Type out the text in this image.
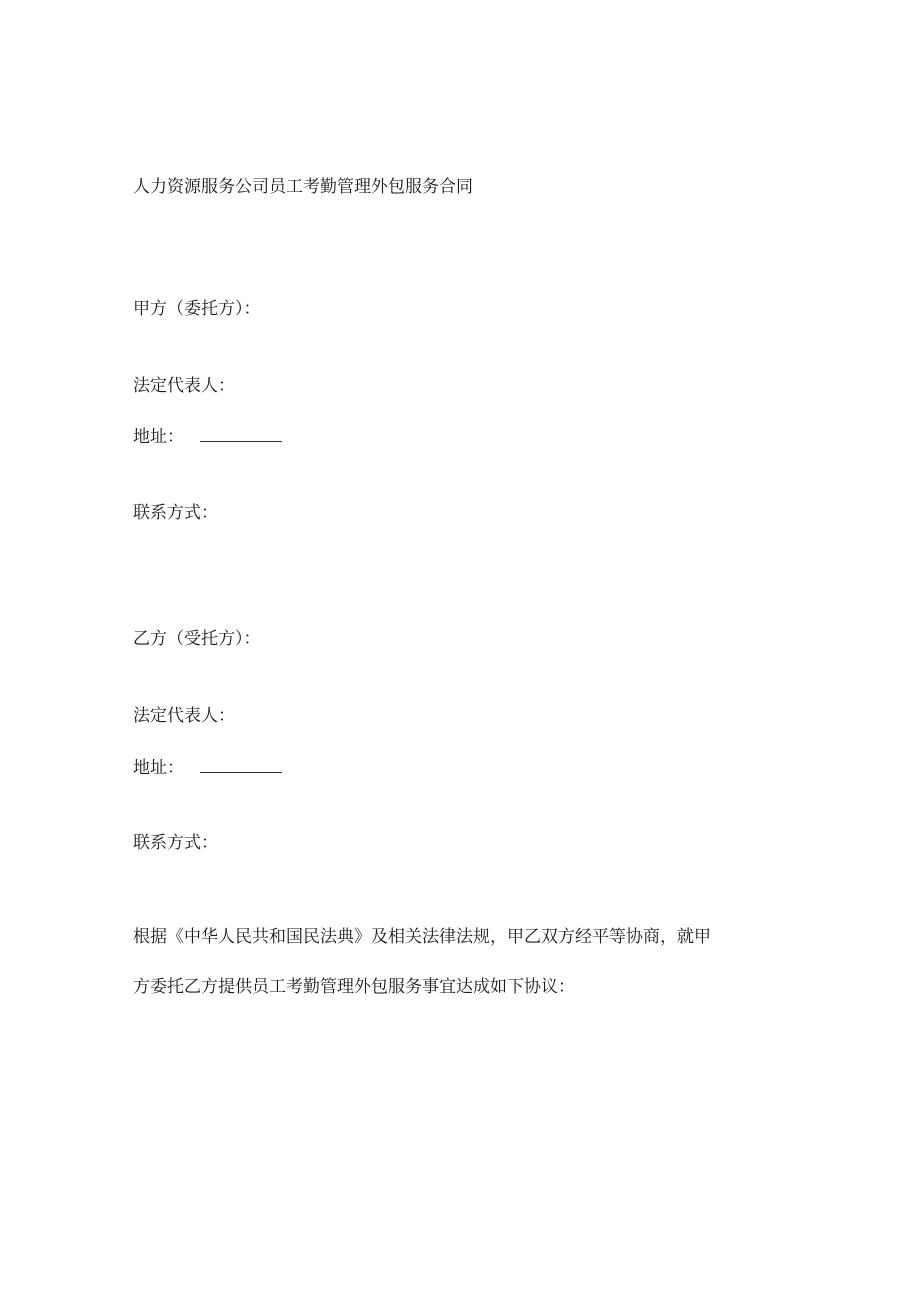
人力资源服务公司员工考勤管理外包服务合同
甲方（委托方）：
法定代表人：
地址：
联系方式：
乙方（受托方）：
法定代表人：
地址：
联系方式：
根据《中华人民共和国民法典》及相关法律法规，甲乙双方经平等协商，就甲
方委托乙方提供员工考勤管理外包服务事宜达成如下协议：
